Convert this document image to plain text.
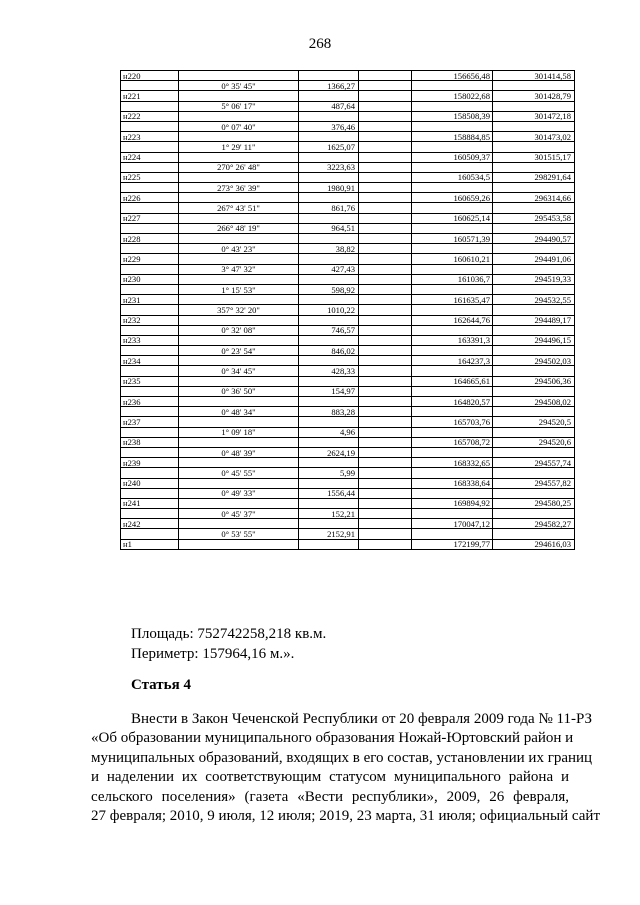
268
н220				156656,48	301414,58
	0° 35' 45"	1366,27			
н221				158022,68	301428,79
	5° 06' 17"	487,64			
н222				158508,39	301472,18
	0° 07' 40"	376,46			
н223				158884,85	301473,02
	1° 29' 11"	1625,07			
н224				160509,37	301515,17
	270° 26' 48"	3223,63			
н225				160534,5	298291,64
	273° 36' 39"	1980,91			
н226				160659,26	296314,66
	267° 43' 51"	861,76			
н227				160625,14	295453,58
	266° 48' 19"	964,51			
н228				160571,39	294490,57
	0° 43' 23"	38,82			
н229				160610,21	294491,06
	3° 47' 32"	427,43			
н230				161036,7	294519,33
	1° 15' 53"	598,92			
н231				161635,47	294532,55
	357° 32' 20"	1010,22			
н232				162644,76	294489,17
	0° 32' 08"	746,57			
н233				163391,3	294496,15
	0° 23' 54"	846,02			
н234				164237,3	294502,03
	0° 34' 45"	428,33			
н235				164665,61	294506,36
	0° 36' 50"	154,97			
н236				164820,57	294508,02
	0° 48' 34"	883,28			
н237				165703,76	294520,5
	1° 09' 18"	4,96			
н238				165708,72	294520,6
	0° 48' 39"	2624,19			
н239				168332,65	294557,74
	0° 45' 55"	5,99			
н240				168338,64	294557,82
	0° 49' 33"	1556,44			
н241				169894,92	294580,25
	0° 45' 37"	152,21			
н242				170047,12	294582,27
	0° 53' 55"	2152,91			
н1				172199,77	294616,03
Площадь: 752742258,218 кв.м.
Периметр: 157964,16 м.».
Статья 4
Внести в Закон Чеченской Республики от 20 февраля 2009 года № 11-РЗ
«Об образовании муниципального образования Ножай-Юртовский район и
муниципальных образований, входящих в его состав, установлении их границ
и наделении их соответствующим статусом муниципального района и
сельского поселения» (газета «Вести республики», 2009, 26 февраля,
27 февраля; 2010, 9 июля, 12 июля; 2019, 23 марта, 31 июля; официальный сайт
